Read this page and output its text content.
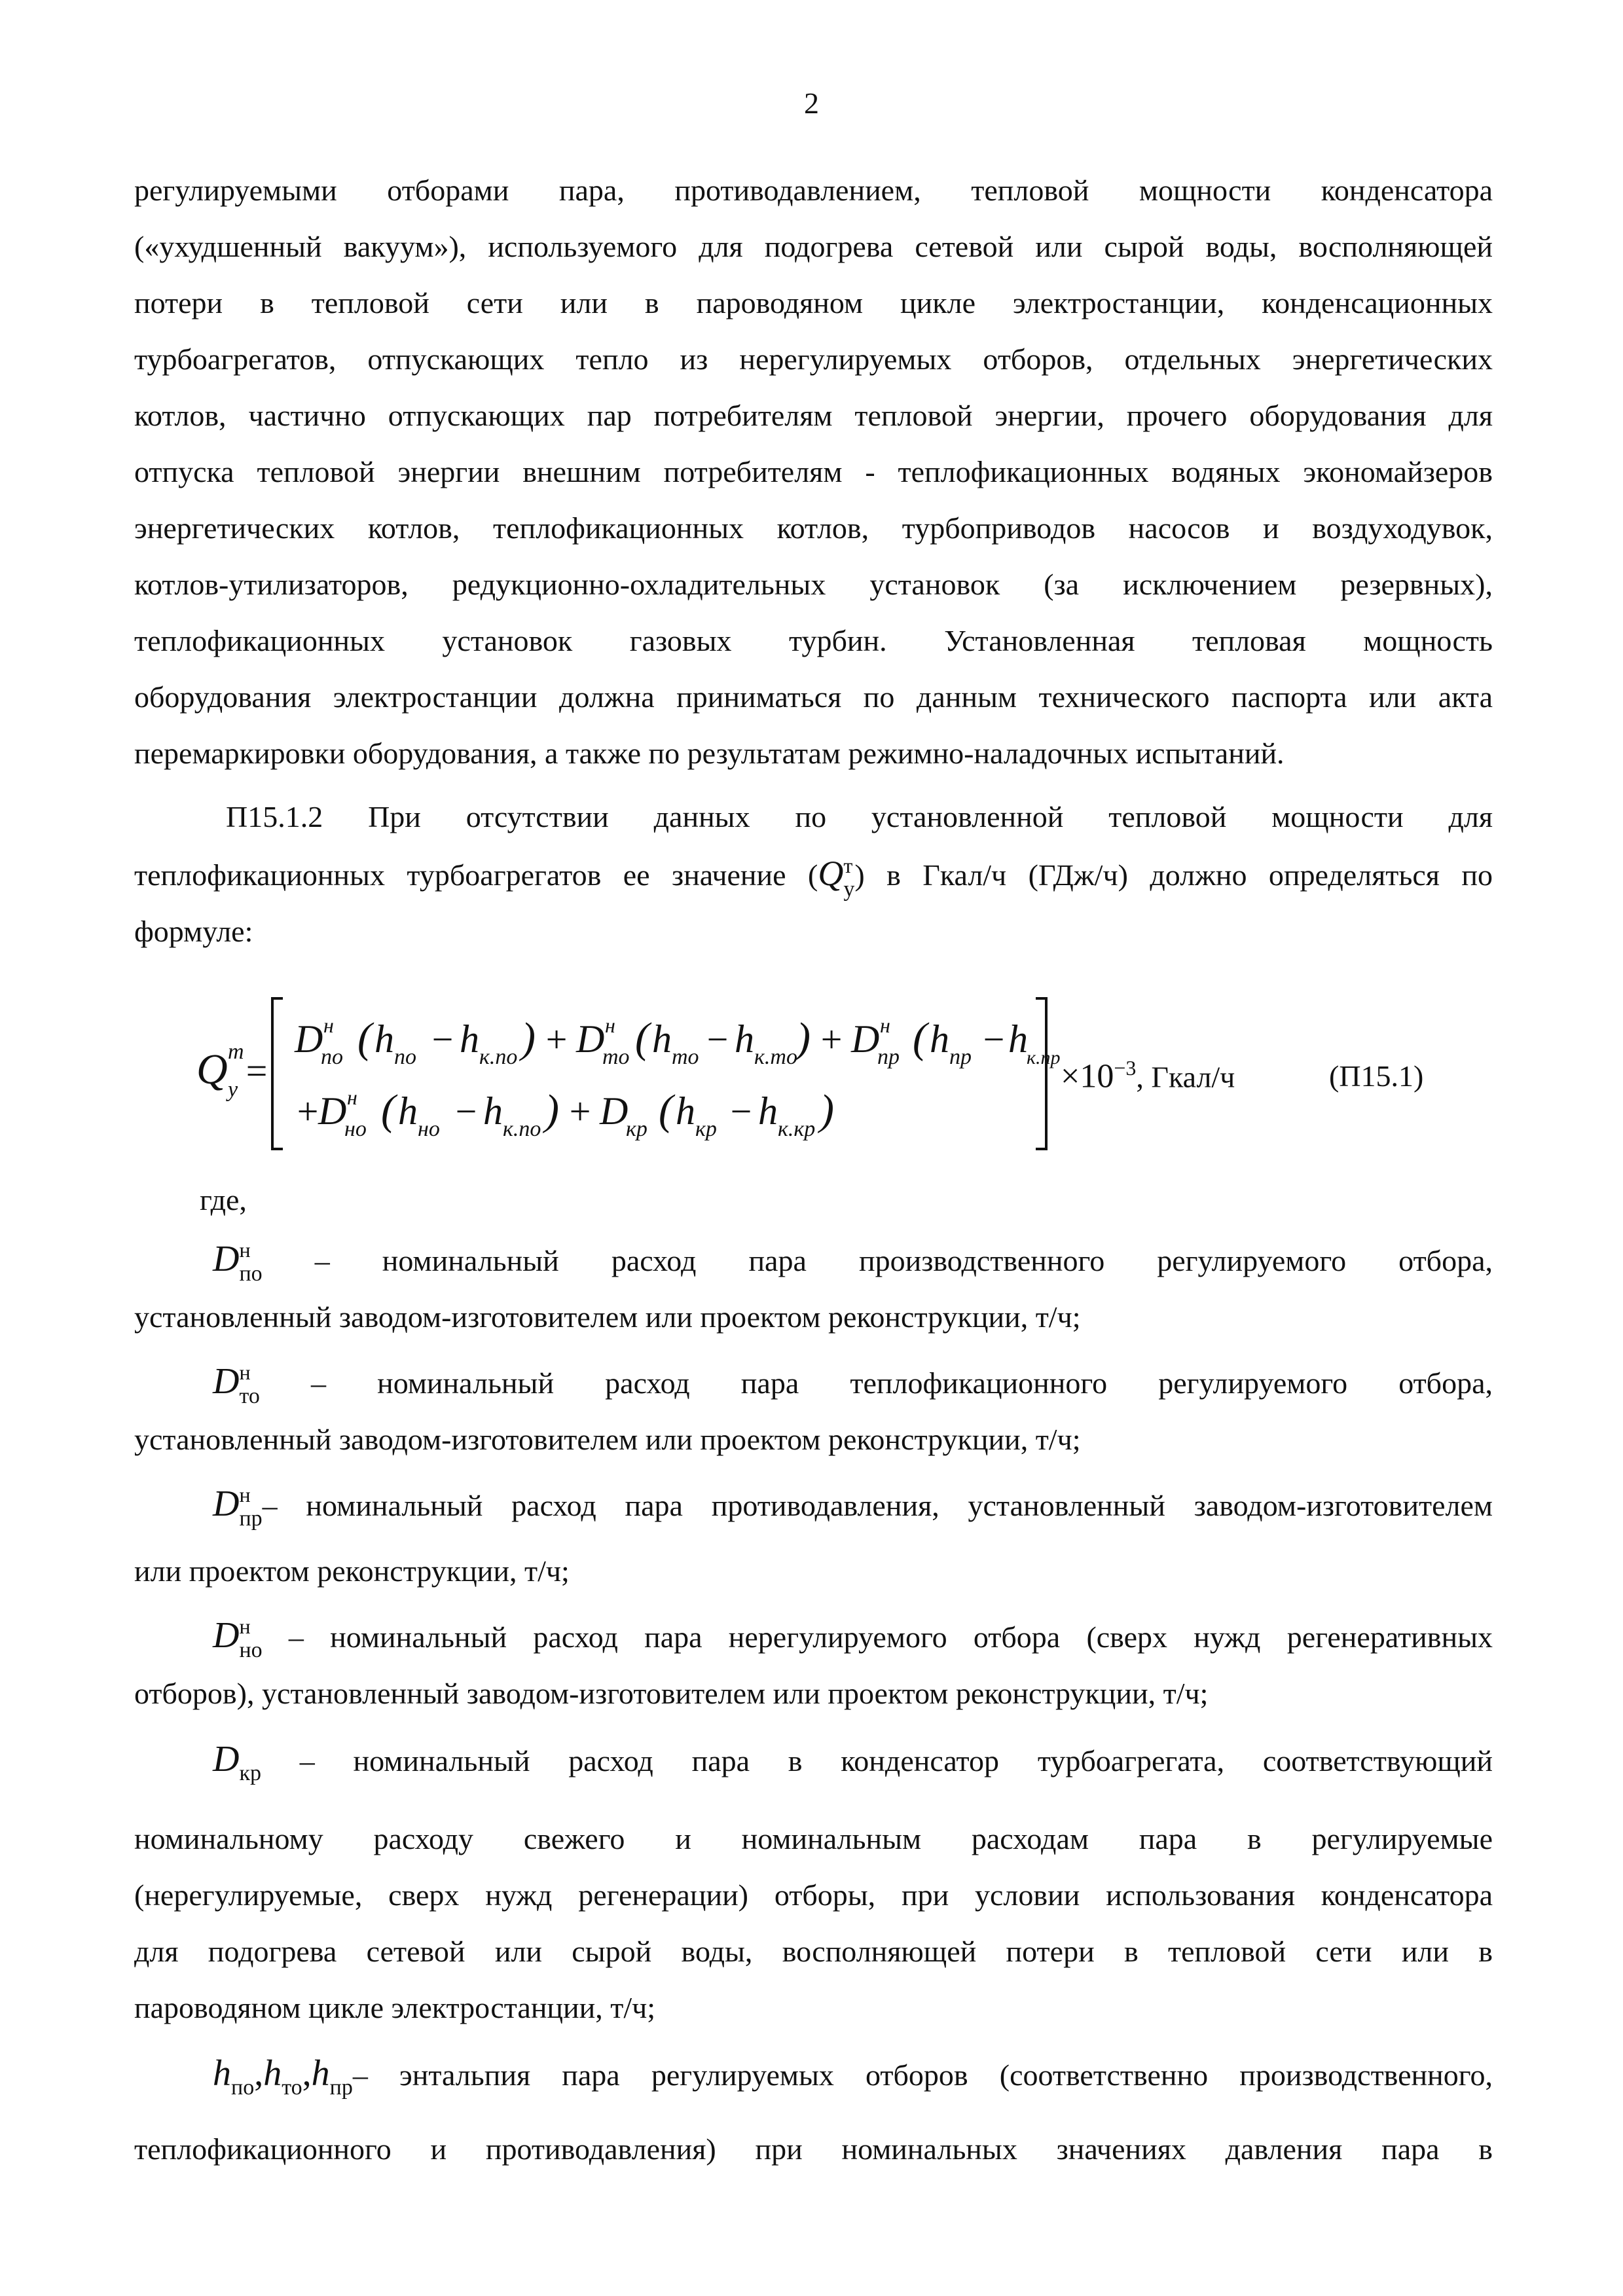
2
регулируемыми отборами пара, противодавлением, тепловой мощности конденсатора
(«ухудшенный вакуум»), используемого для подогрева сетевой или сырой воды, восполняющей
потери в тепловой сети или в пароводяном цикле электростанции, конденсационных
турбоагрегатов, отпускающих тепло из нерегулируемых отборов, отдельных энергетических
котлов, частично отпускающих пар потребителям тепловой энергии, прочего оборудования для
отпуска тепловой энергии внешним потребителям - теплофикационных водяных экономайзеров
энергетических котлов, теплофикационных котлов, турбоприводов насосов и воздуходувок,
котлов-утилизаторов, редукционно-охладительных установок (за исключением резервных),
теплофикационных установок газовых турбин. Установленная тепловая мощность
оборудования электростанции должна приниматься по данным технического паспорта или акта
перемаркировки оборудования, а также по результатам режимно-наладочных испытаний.
П15.1.2 При отсутствии данных по установленной тепловой мощности для
теплофикационных турбоагрегатов ее значение (Q т
у ) в Гкал/ч (ГДж/ч) должно определяться по
формуле:
Q т
у =
D н
по ( h по − h к.по ) + D н
то ( h то − h к.то
) + D н
пр ( h пр − h
к.пр
+
D н
но ( h но − h к.по ) + D
кр ( h кр − h к.кр )
$\times 10^{-3}$, Гкал/ч	(П15.1)
где,
D н
по – номинальный расход пара производственного регулируемого отбора,
установленный заводом-изготовителем или проектом реконструкции, т/ч;
D н
то – номинальный расход пара теплофикационного регулируемого отбора,
установленный заводом-изготовителем или проектом реконструкции, т/ч;
D н
пр – номинальный расход пара противодавления, установленный заводом-изготовителем
или проектом реконструкции, т/ч;
D н
но – номинальный расход пара нерегулируемого отбора (сверх нужд регенеративных
отборов), установленный заводом-изготовителем или проектом реконструкции, т/ч;
$D_{кр}$ – номинальный расход пара в конденсатор турбоагрегата, соответствующий
номинальному расходу свежего и номинальным расходам пара в регулируемые
(нерегулируемые, сверх нужд регенерации) отборы, при условии использования конденсатора
для подогрева сетевой или сырой воды, восполняющей потери в тепловой сети или в
пароводяном цикле электростанции, т/ч;
$h_{по},h_{то},h_{пр}-$ энтальпия пара регулируемых отборов (соответственно производственного,
теплофикационного и противодавления) при номинальных значениях давления пара в
